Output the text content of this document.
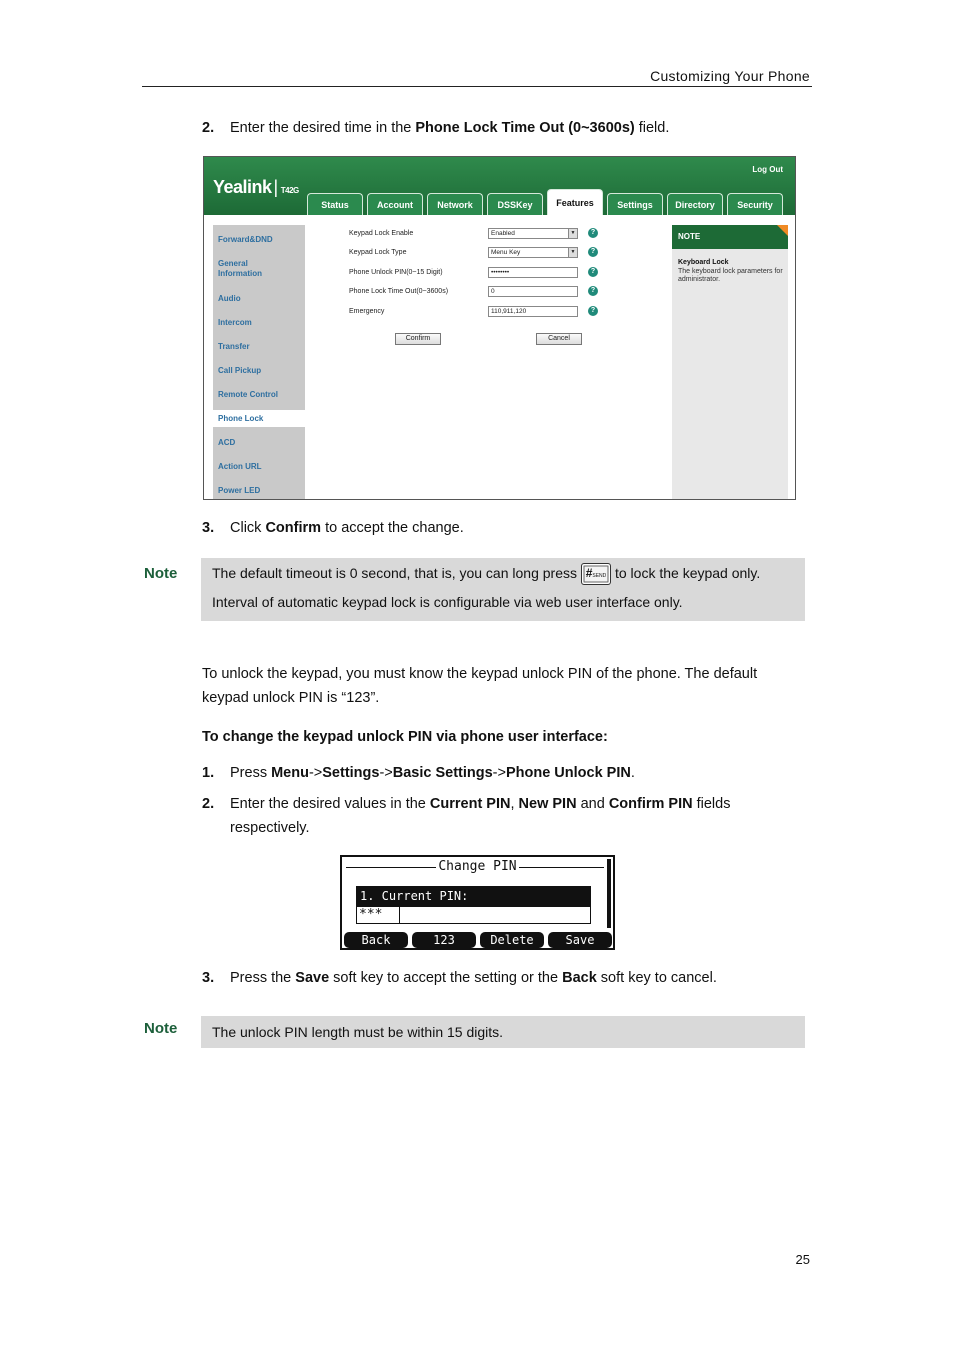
Customizing Your Phone
2. Enter the desired time in the Phone Lock Time Out (0~3600s) field.
Yealink | T42G
Log Out
Status	Account	Network	DSSKey	Features	Settings	Directory	Security
Forward&DND
General
Information
Audio
Intercom
Transfer
Call Pickup
Remote Control
Phone Lock
ACD
Action URL
Power LED
Keypad Lock Enable	Enabled	▼	?
Keypad Lock Type	Menu Key	▼	?
Phone Unlock PIN(0~15 Digit)	••••••••	?
Phone Lock Time Out(0~3600s)	0	?
Emergency	110,911,120	?
Confirm	Cancel
NOTE
Keyboard Lock
The keyboard lock parameters for administrator.
3. Click Confirm to accept the change.
Note The default timeout is 0 second, that is, you can long press #SEND to lock the keypad only.
Interval of automatic keypad lock is configurable via web user interface only.
To unlock the keypad, you must know the keypad unlock PIN of the phone. The default keypad unlock PIN is “123”.
To change the keypad unlock PIN via phone user interface:
1. Press Menu->Settings->Basic Settings->Phone Unlock PIN.
2. Enter the desired values in the Current PIN, New PIN and Confirm PIN fields respectively.
Change PIN
1. Current PIN:
***
Back	123	Delete	Save
3. Press the Save soft key to accept the setting or the Back soft key to cancel.
Note The unlock PIN length must be within 15 digits.
25
